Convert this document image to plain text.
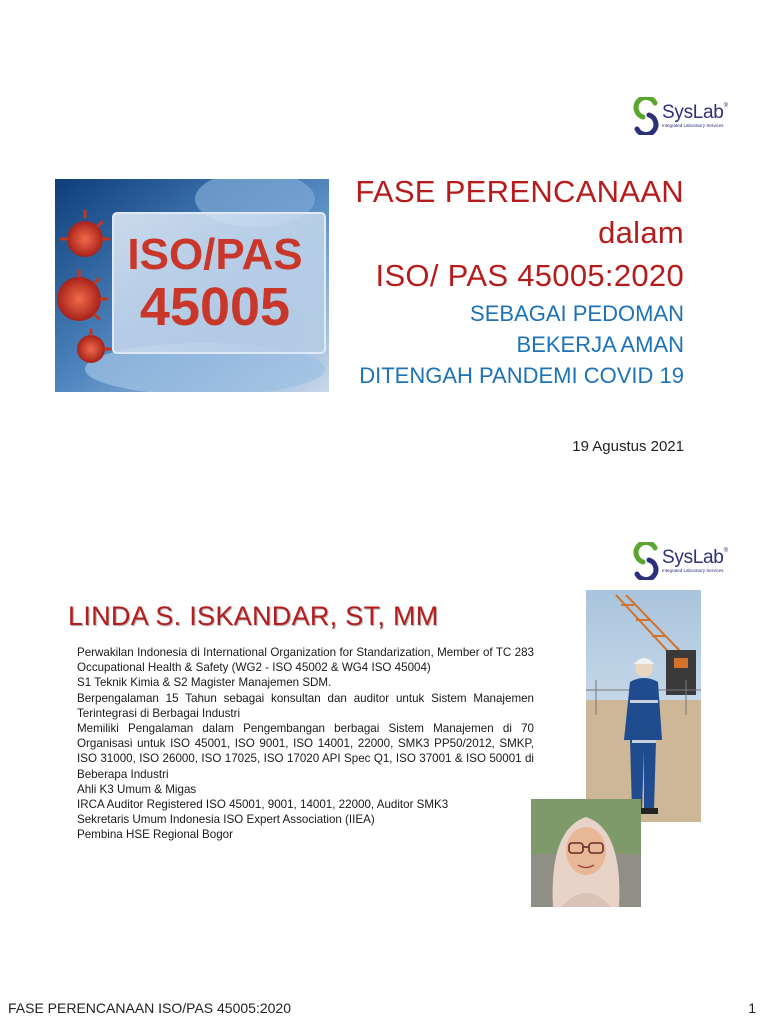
SysLab®
Integrated Laboratory Services
ISO/PAS
45005
FASE PERENCANAAN
dalam
ISO/ PAS 45005:2020
SEBAGAI PEDOMAN
BEKERJA AMAN
DITENGAH PANDEMI COVID 19
19 Agustus 2021
SysLab®
Integrated Laboratory Services
LINDA S. ISKANDAR, ST, MM

Perwakilan Indonesia di International Organization for Standarization, Member of TC 283 Occupational Health & Safety (WG2 - ISO 45002 & WG4 ISO 45004)

S1 Teknik Kimia & S2 Magister Manajemen SDM.

Berpengalaman 15 Tahun sebagai konsultan dan auditor untuk Sistem Manajemen Terintegrasi di Berbagai Industri

Memiliki Pengalaman dalam Pengembangan berbagai Sistem Manajemen di 70 Organisasi untuk ISO 45001, ISO 9001, ISO 14001, 22000, SMK3 PP50/2012, SMKP, ISO 31000, ISO 26000, ISO 17025, ISO 17020 API Spec Q1, ISO 37001 & ISO 50001 di Beberapa Industri

Ahli K3 Umum & Migas

IRCA Auditor Registered ISO 45001, 9001, 14001, 22000, Auditor SMK3

Sekretaris Umum Indonesia ISO Expert Association (IIEA)

Pembina HSE Regional Bogor

FASE PERENCANAAN ISO/PAS 45005:2020	1
